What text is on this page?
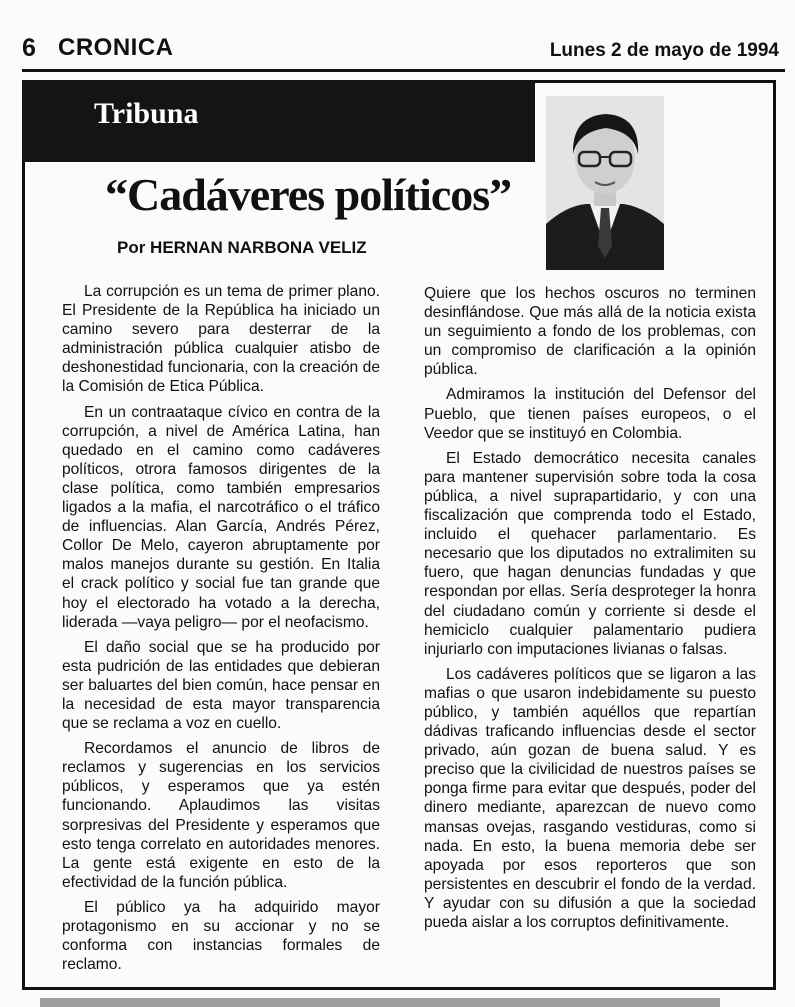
6 CRONICA	Lunes 2 de mayo de 1994
Tribuna
“Cadáveres políticos”
Por HERNAN NARBONA VELIZ

La corrupción es un tema de primer plano. El Presidente de la República ha iniciado un camino severo para desterrar de la administración pública cualquier atisbo de deshonestidad funcionaria, con la creación de la Comisión de Etica Pública.

En un contraataque cívico en contra de la corrupción, a nivel de América Latina, han quedado en el camino como cadáveres políticos, otrora famosos dirigentes de la clase política, como también empresarios ligados a la mafia, el narcotráfico o el tráfico de influencias. Alan García, Andrés Pérez, Collor De Melo, cayeron abruptamente por malos manejos durante su gestión. En Italia el crack político y social fue tan grande que hoy el electorado ha votado a la derecha, liderada —vaya peligro— por el neofacismo.

El daño social que se ha producido por esta pudrición de las entidades que debieran ser baluartes del bien común, hace pensar en la necesidad de esta mayor transparencia que se reclama a voz en cuello.

Recordamos el anuncio de libros de reclamos y sugerencias en los servicios públicos, y esperamos que ya estén funcionando. Aplaudimos las visitas sorpresivas del Presidente y esperamos que esto tenga correlato en autoridades menores. La gente está exigente en esto de la efectividad de la función pública.

El público ya ha adquirido mayor protagonismo en su accionar y no se conforma con instancias formales de reclamo.

Quiere que los hechos oscuros no terminen desinflándose. Que más allá de la noticia exista un seguimiento a fondo de los problemas, con un compromiso de clarificación a la opinión pública.

Admiramos la institución del Defensor del Pueblo, que tienen países europeos, o el Veedor que se instituyó en Colombia.

El Estado democrático necesita canales para mantener supervisión sobre toda la cosa pública, a nivel suprapartidario, y con una fiscalización que comprenda todo el Estado, incluido el quehacer parlamentario. Es necesario que los diputados no extralimiten su fuero, que hagan denuncias fundadas y que respondan por ellas. Sería desproteger la honra del ciudadano común y corriente si desde el hemiciclo cualquier palamentario pudiera injuriarlo con imputaciones livianas o falsas.

Los cadáveres políticos que se ligaron a las mafias o que usaron indebidamente su puesto público, y también aquéllos que repartían dádivas traficando influencias desde el sector privado, aún gozan de buena salud. Y es preciso que la civilicidad de nuestros países se ponga firme para evitar que después, poder del dinero mediante, aparezcan de nuevo como mansas ovejas, rasgando vestiduras, como si nada. En esto, la buena memoria debe ser apoyada por esos reporteros que son persistentes en descubrir el fondo de la verdad. Y ayudar con su difusión a que la sociedad pueda aislar a los corruptos definitivamente.
